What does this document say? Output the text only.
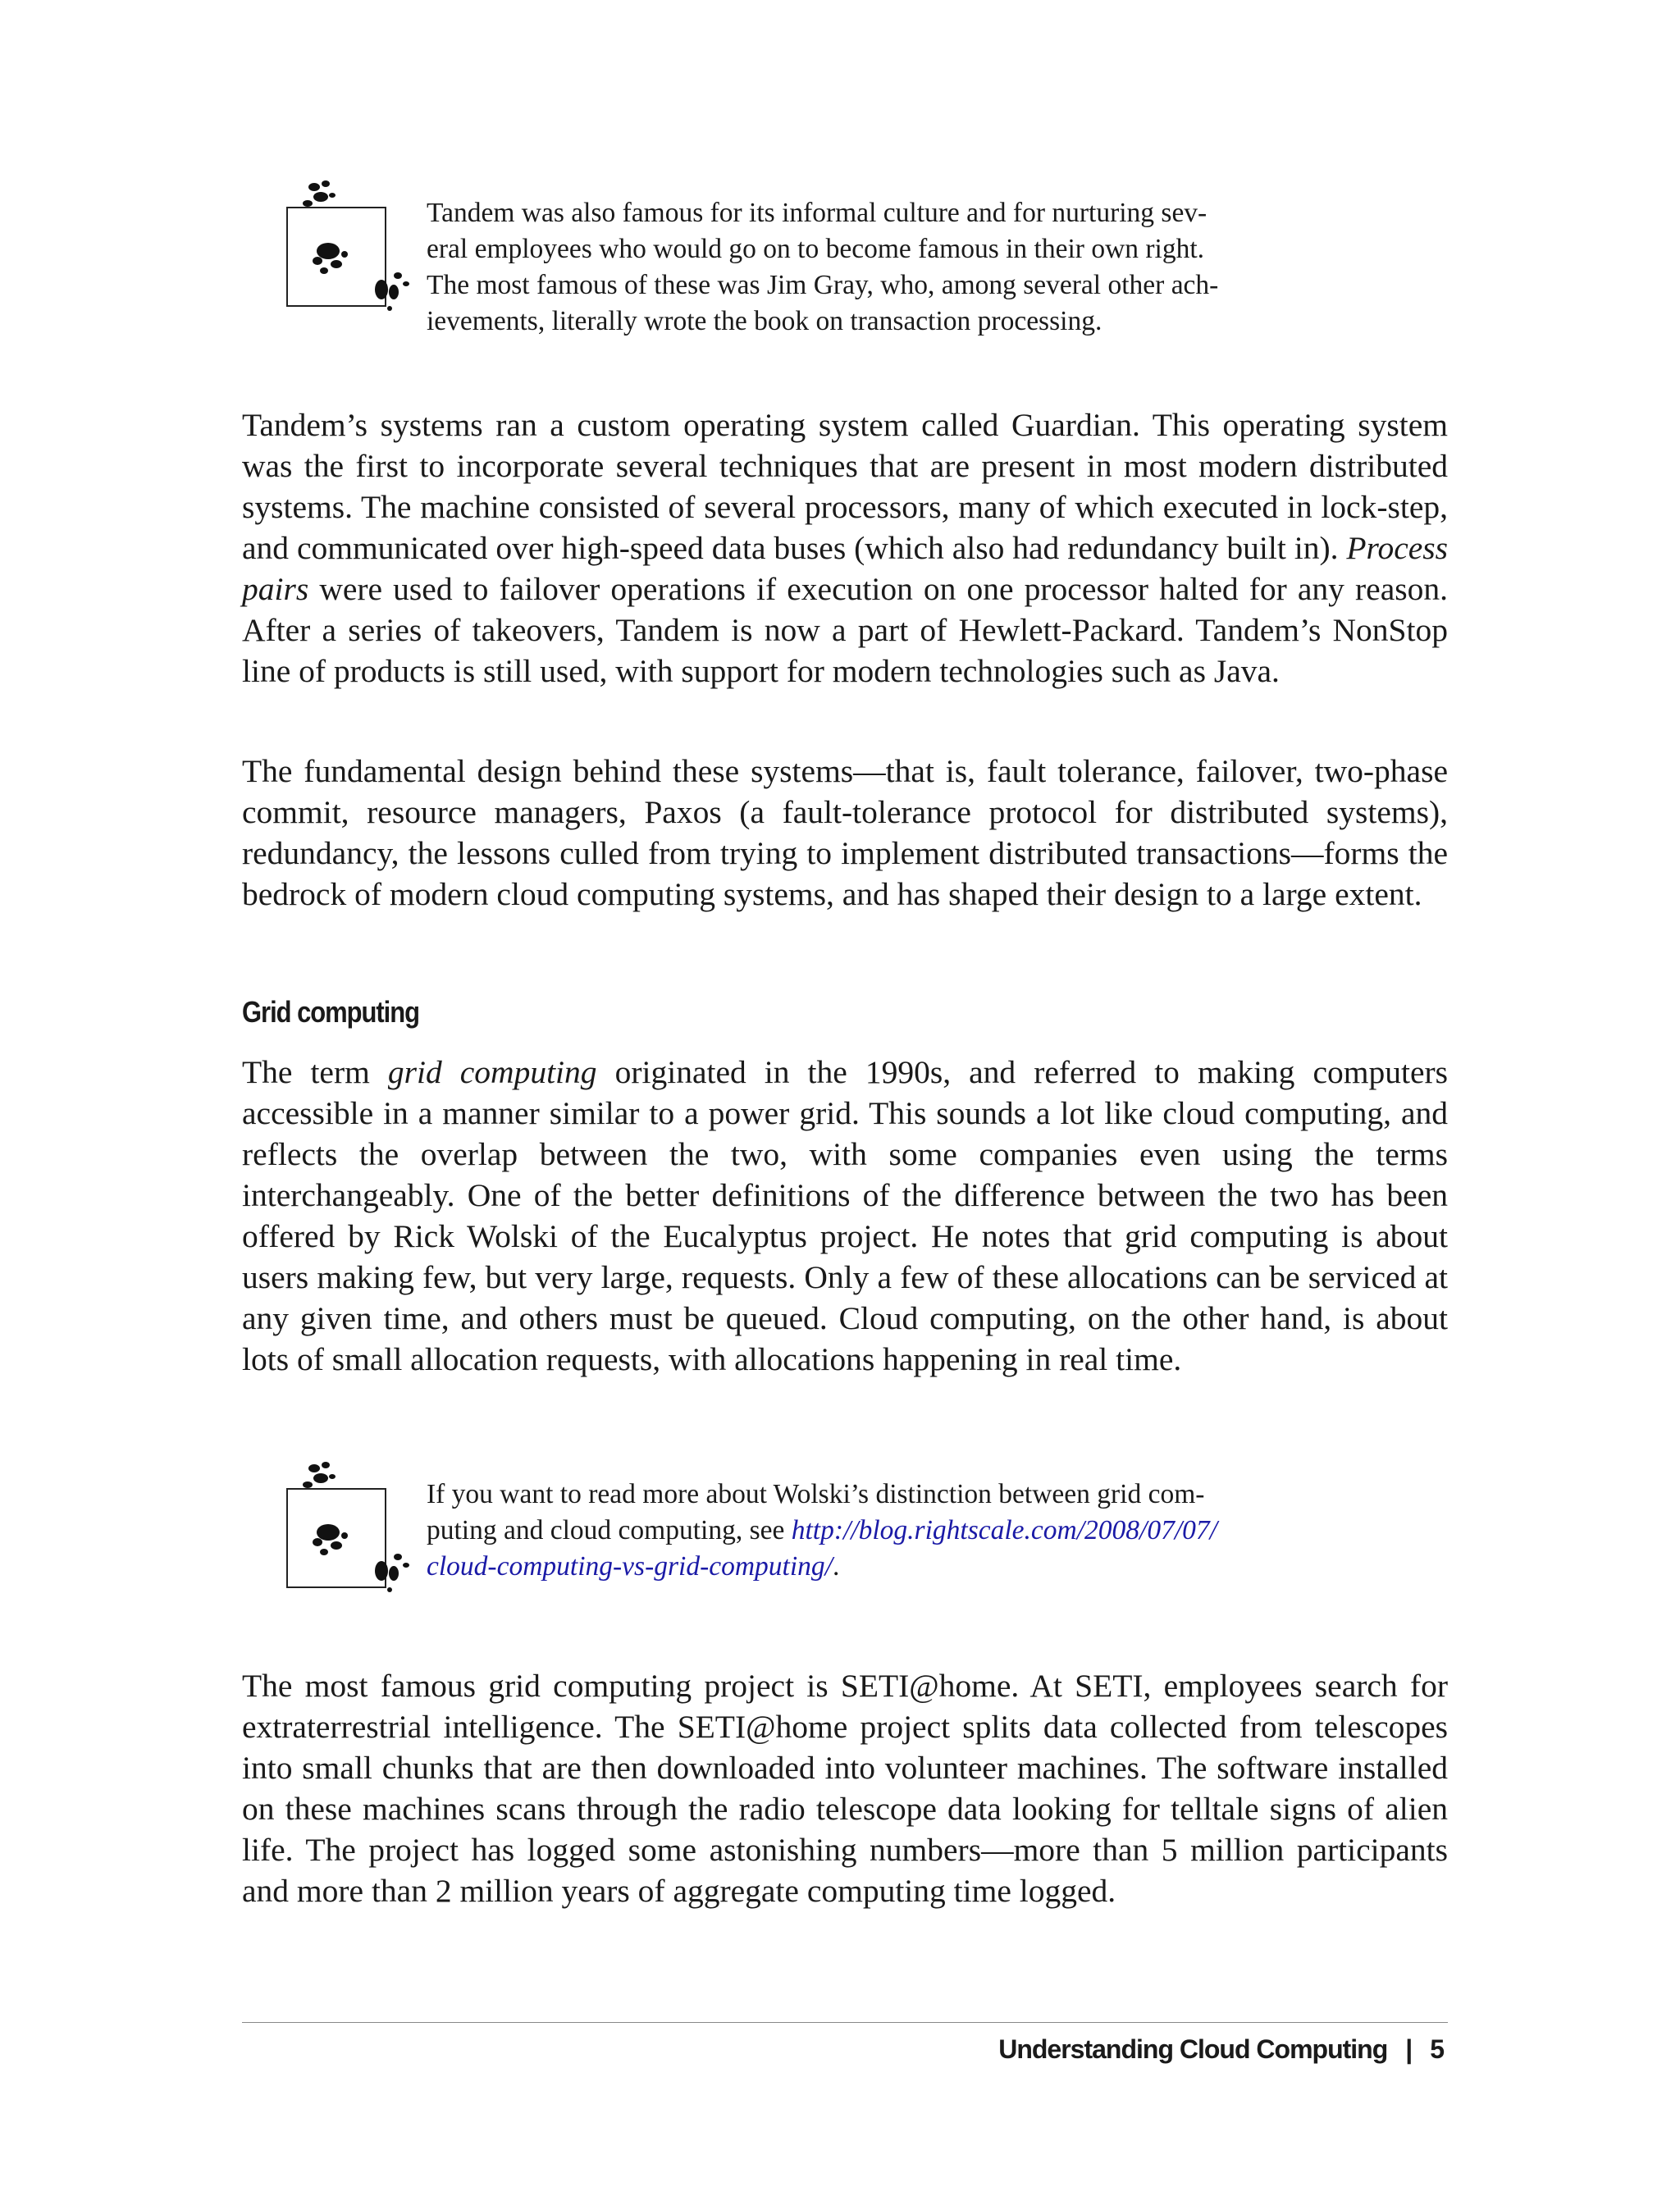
Tandem was also famous for its informal culture and for nurturing sev-
eral employees who would go on to become famous in their own right.
The most famous of these was Jim Gray, who, among several other ach-
ievements, literally wrote the book on transaction processing.

Tandem’s systems ran a custom operating system called Guardian. This operating system was the first to incorporate several techniques that are present in most modern distributed systems. The machine consisted of several processors, many of which executed in lock-step, and communicated over high-speed data buses (which also had redundancy built in). Process pairs were used to failover operations if execution on one processor halted for any reason. After a series of takeovers, Tandem is now a part of Hewlett-Packard. Tandem’s NonStop line of products is still used, with support for modern technologies such as Java.

The fundamental design behind these systems—that is, fault tolerance, failover, two-phase commit, resource managers, Paxos (a fault-tolerance protocol for distributed systems), redundancy, the lessons culled from trying to implement distributed transactions—forms the bedrock of modern cloud computing systems, and has shaped their design to a large extent.

Grid computing

The term grid computing originated in the 1990s, and referred to making computers accessible in a manner similar to a power grid. This sounds a lot like cloud computing, and reflects the overlap between the two, with some companies even using the terms interchangeably. One of the better definitions of the difference between the two has been offered by Rick Wolski of the Eucalyptus project. He notes that grid computing is about users making few, but very large, requests. Only a few of these allocations can be serviced at any given time, and others must be queued. Cloud computing, on the other hand, is about lots of small allocation requests, with allocations happening in real time.

If you want to read more about Wolski’s distinction between grid com-
puting and cloud computing, see http://blog.rightscale.com/2008/07/07/
cloud-computing-vs-grid-computing/.

The most famous grid computing project is SETI@home. At SETI, employees search for extraterrestrial intelligence. The SETI@home project splits data collected from telescopes into small chunks that are then downloaded into volunteer machines. The software installed on these machines scans through the radio telescope data looking for telltale signs of alien life. The project has logged some astonishing numbers—more than 5 million participants and more than 2 million years of aggregate computing time logged.

Understanding Cloud Computing | 5
